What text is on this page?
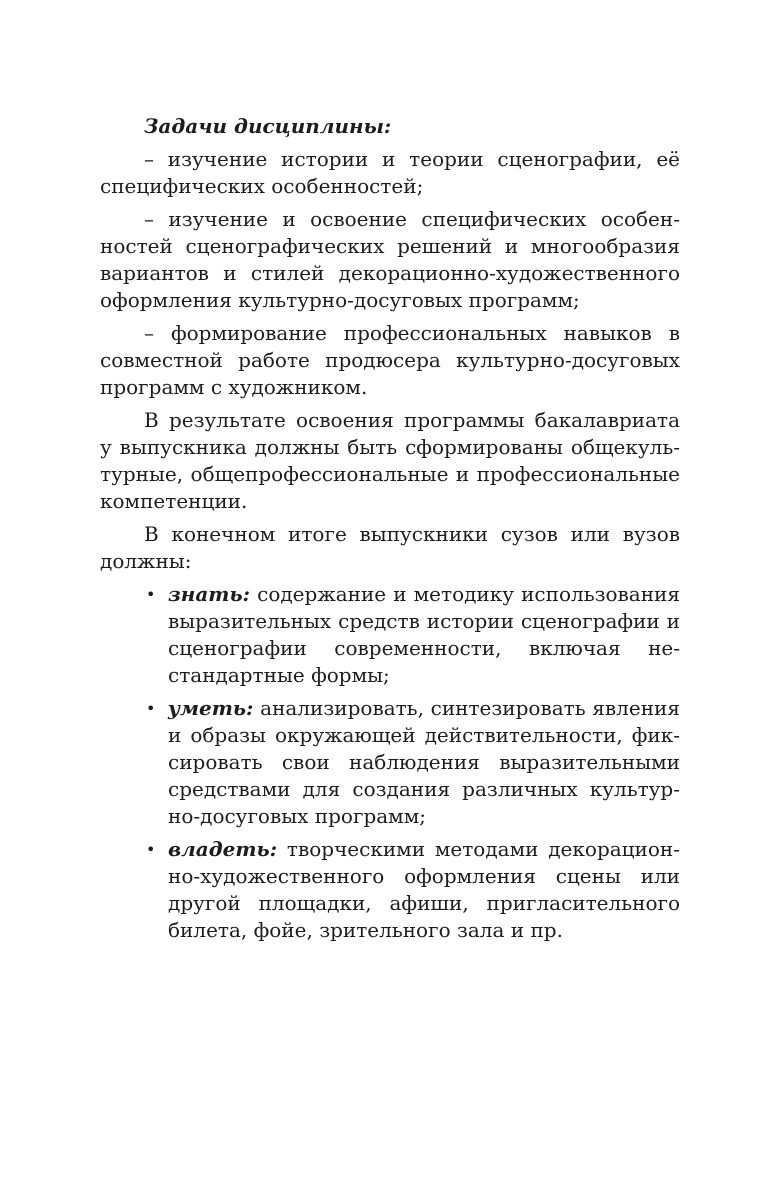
Задачи дисциплины:

– изучение истории и теории сценографии, её специфических особенностей;

– изучение и освоение специфических особенностей сценографических решений и многообразия вариантов и стилей декорационно-художественного оформления культурно-досуговых программ;

– формирование профессиональных навыков в совместной работе продюсера культурно-досуговых программ с художником.

В результате освоения программы бакалавриата у выпускника должны быть сформированы общекультурные, общепрофессиональные и профессиональные компетенции.

В конечном итоге выпускники сузов или вузов должны:

• знать: содержание и методику использования выразительных средств истории сценографии и сценографии современности, включая нестандартные формы;
• уметь: анализировать, синтезировать явления и образы окружающей действительности, фиксировать свои наблюдения выразительными средствами для создания различных культурно-досуговых программ;
• владеть: творческими методами декорационно-художественного оформления сцены или другой площадки, афиши, пригласительного билета, фойе, зрительного зала и пр.
